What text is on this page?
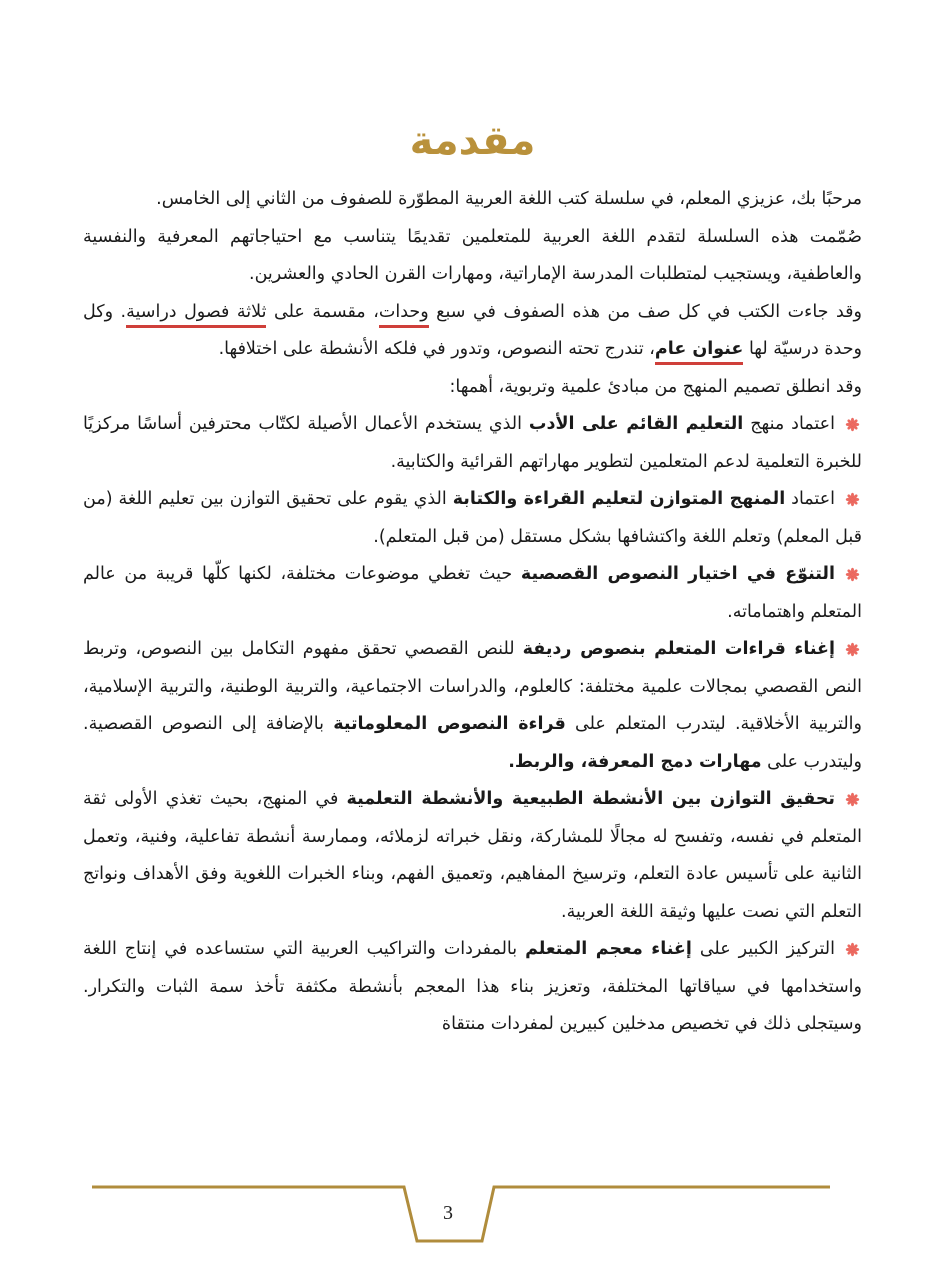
مقدمة
مرحبًا بك، عزيزي المعلم، في سلسلة كتب اللغة العربية المطوّرة للصفوف من الثاني إلى الخامس.
صُمّمت هذه السلسلة لتقدم اللغة العربية للمتعلمين تقديمًا يتناسب مع احتياجاتهم المعرفية والنفسية والعاطفية، ويستجيب لمتطلبات المدرسة الإماراتية، ومهارات القرن الحادي والعشرين.
وقد جاءت الكتب في كل صف من هذه الصفوف في سبع وحدات، مقسمة على ثلاثة فصول دراسية. وكل وحدة درسيّة لها عنوان عام، تندرج تحته النصوص، وتدور في فلكه الأنشطة على اختلافها.
وقد انطلق تصميم المنهج من مبادئ علمية وتربوية، أهمها:
اعتماد منهج التعليم القائم على الأدب الذي يستخدم الأعمال الأصيلة لكتّاب محترفين أساسًا مركزيًا للخبرة التعلمية لدعم المتعلمين لتطوير مهاراتهم القرائية والكتابية.
اعتماد المنهج المتوازن لتعليم القراءة والكتابة الذي يقوم على تحقيق التوازن بين تعليم اللغة (من قبل المعلم) وتعلم اللغة واكتشافها بشكل مستقل (من قبل المتعلم).
التنوّع في اختيار النصوص القصصية حيث تغطي موضوعات مختلفة، لكنها كلّها قريبة من عالم المتعلم واهتماماته.
إغناء قراءات المتعلم بنصوص رديفة للنص القصصي تحقق مفهوم التكامل بين النصوص، وتربط النص القصصي بمجالات علمية مختلفة: كالعلوم، والدراسات الاجتماعية، والتربية الوطنية، والتربية الإسلامية، والتربية الأخلاقية. ليتدرب المتعلم على قراءة النصوص المعلوماتية بالإضافة إلى النصوص القصصية. وليتدرب على مهارات دمج المعرفة، والربط.
تحقيق التوازن بين الأنشطة الطبيعية والأنشطة التعلمية في المنهج، بحيث تغذي الأولى ثقة المتعلم في نفسه، وتفسح له مجالًا للمشاركة، ونقل خبراته لزملائه، وممارسة أنشطة تفاعلية، وفنية، وتعمل الثانية على تأسيس عادة التعلم، وترسيخ المفاهيم، وتعميق الفهم، وبناء الخبرات اللغوية وفق الأهداف ونواتج التعلم التي نصت عليها وثيقة اللغة العربية.
التركيز الكبير على إغناء معجم المتعلم بالمفردات والتراكيب العربية التي ستساعده في إنتاج اللغة واستخدامها في سياقاتها المختلفة، وتعزيز بناء هذا المعجم بأنشطة مكثفة تأخذ سمة الثبات والتكرار. وسيتجلى ذلك في تخصيص مدخلين كبيرين لمفردات منتقاة
3
